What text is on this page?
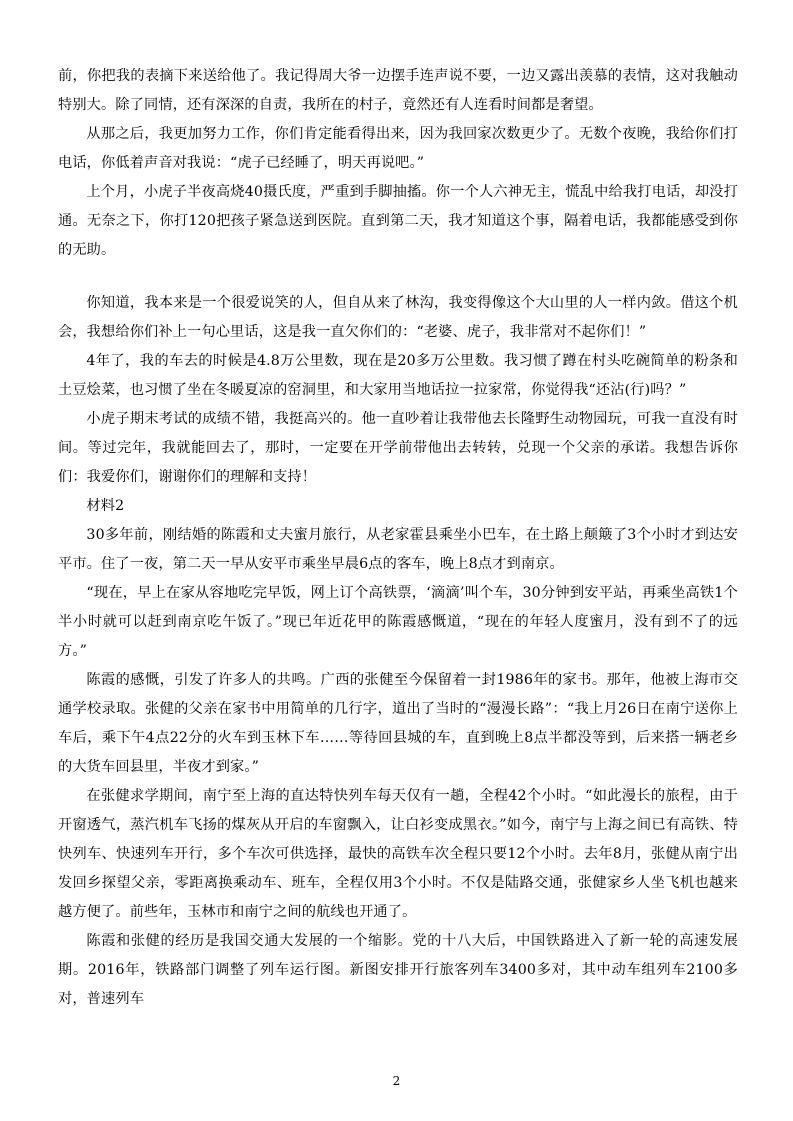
前，你把我的表摘下来送给他了。我记得周大爷一边摆手连声说不要，一边又露出羡慕的表情，这对我触动特别大。除了同情，还有深深的自责，我所在的村子，竟然还有人连看时间都是奢望。

从那之后，我更加努力工作，你们肯定能看得出来，因为我回家次数更少了。无数个夜晚，我给你们打电话，你低着声音对我说：“虎子已经睡了，明天再说吧。”

上个月，小虎子半夜高烧40摄氏度，严重到手脚抽搐。你一个人六神无主，慌乱中给我打电话，却没打通。无奈之下，你打120把孩子紧急送到医院。直到第二天，我才知道这个事，隔着电话，我都能感受到你的无助。

你知道，我本来是一个很爱说笑的人，但自从来了林沟，我变得像这个大山里的人一样内敛。借这个机会，我想给你们补上一句心里话，这是我一直欠你们的：“老婆、虎子，我非常对不起你们！”

4年了，我的车去的时候是4.8万公里数，现在是20多万公里数。我习惯了蹲在村头吃碗简单的粉条和土豆烩菜，也习惯了坐在冬暖夏凉的窑洞里，和大家用当地话拉一拉家常，你觉得我“还沾(行)吗？”

小虎子期末考试的成绩不错，我挺高兴的。他一直吵着让我带他去长隆野生动物园玩，可我一直没有时间。等过完年，我就能回去了，那时，一定要在开学前带他出去转转，兑现一个父亲的承诺。我想告诉你们：我爱你们，谢谢你们的理解和支持！

材料2

30多年前，刚结婚的陈霞和丈夫蜜月旅行，从老家霍县乘坐小巴车，在土路上颠簸了3个小时才到达安平市。住了一夜，第二天一早从安平市乘坐早晨6点的客车，晚上8点才到南京。

“现在，早上在家从容地吃完早饭，网上订个高铁票，‘滴滴’叫个车，30分钟到安平站，再乘坐高铁1个半小时就可以赶到南京吃午饭了。”现已年近花甲的陈霞感慨道，“现在的年轻人度蜜月，没有到不了的远方。”

陈霞的感慨，引发了许多人的共鸣。广西的张健至今保留着一封1986年的家书。那年，他被上海市交通学校录取。张健的父亲在家书中用简单的几行字，道出了当时的“漫漫长路”：“我上月26日在南宁送你上车后，乘下午4点22分的火车到玉林下车……等待回县城的车，直到晚上8点半都没等到，后来搭一辆老乡的大货车回县里，半夜才到家。”

在张健求学期间，南宁至上海的直达特快列车每天仅有一趟，全程42个小时。“如此漫长的旅程，由于开窗透气，蒸汽机车飞扬的煤灰从开启的车窗飘入，让白衫变成黑衣。”如今，南宁与上海之间已有高铁、特快列车、快速列车开行，多个车次可供选择，最快的高铁车次全程只要12个小时。去年8月，张健从南宁出发回乡探望父亲，零距离换乘动车、班车，全程仅用3个小时。不仅是陆路交通，张健家乡人坐飞机也越来越方便了。前些年，玉林市和南宁之间的航线也开通了。

陈霞和张健的经历是我国交通大发展的一个缩影。党的十八大后，中国铁路进入了新一轮的高速发展期。2016年，铁路部门调整了列车运行图。新图安排开行旅客列车3400多对，其中动车组列车2100多对，普速列车

2
